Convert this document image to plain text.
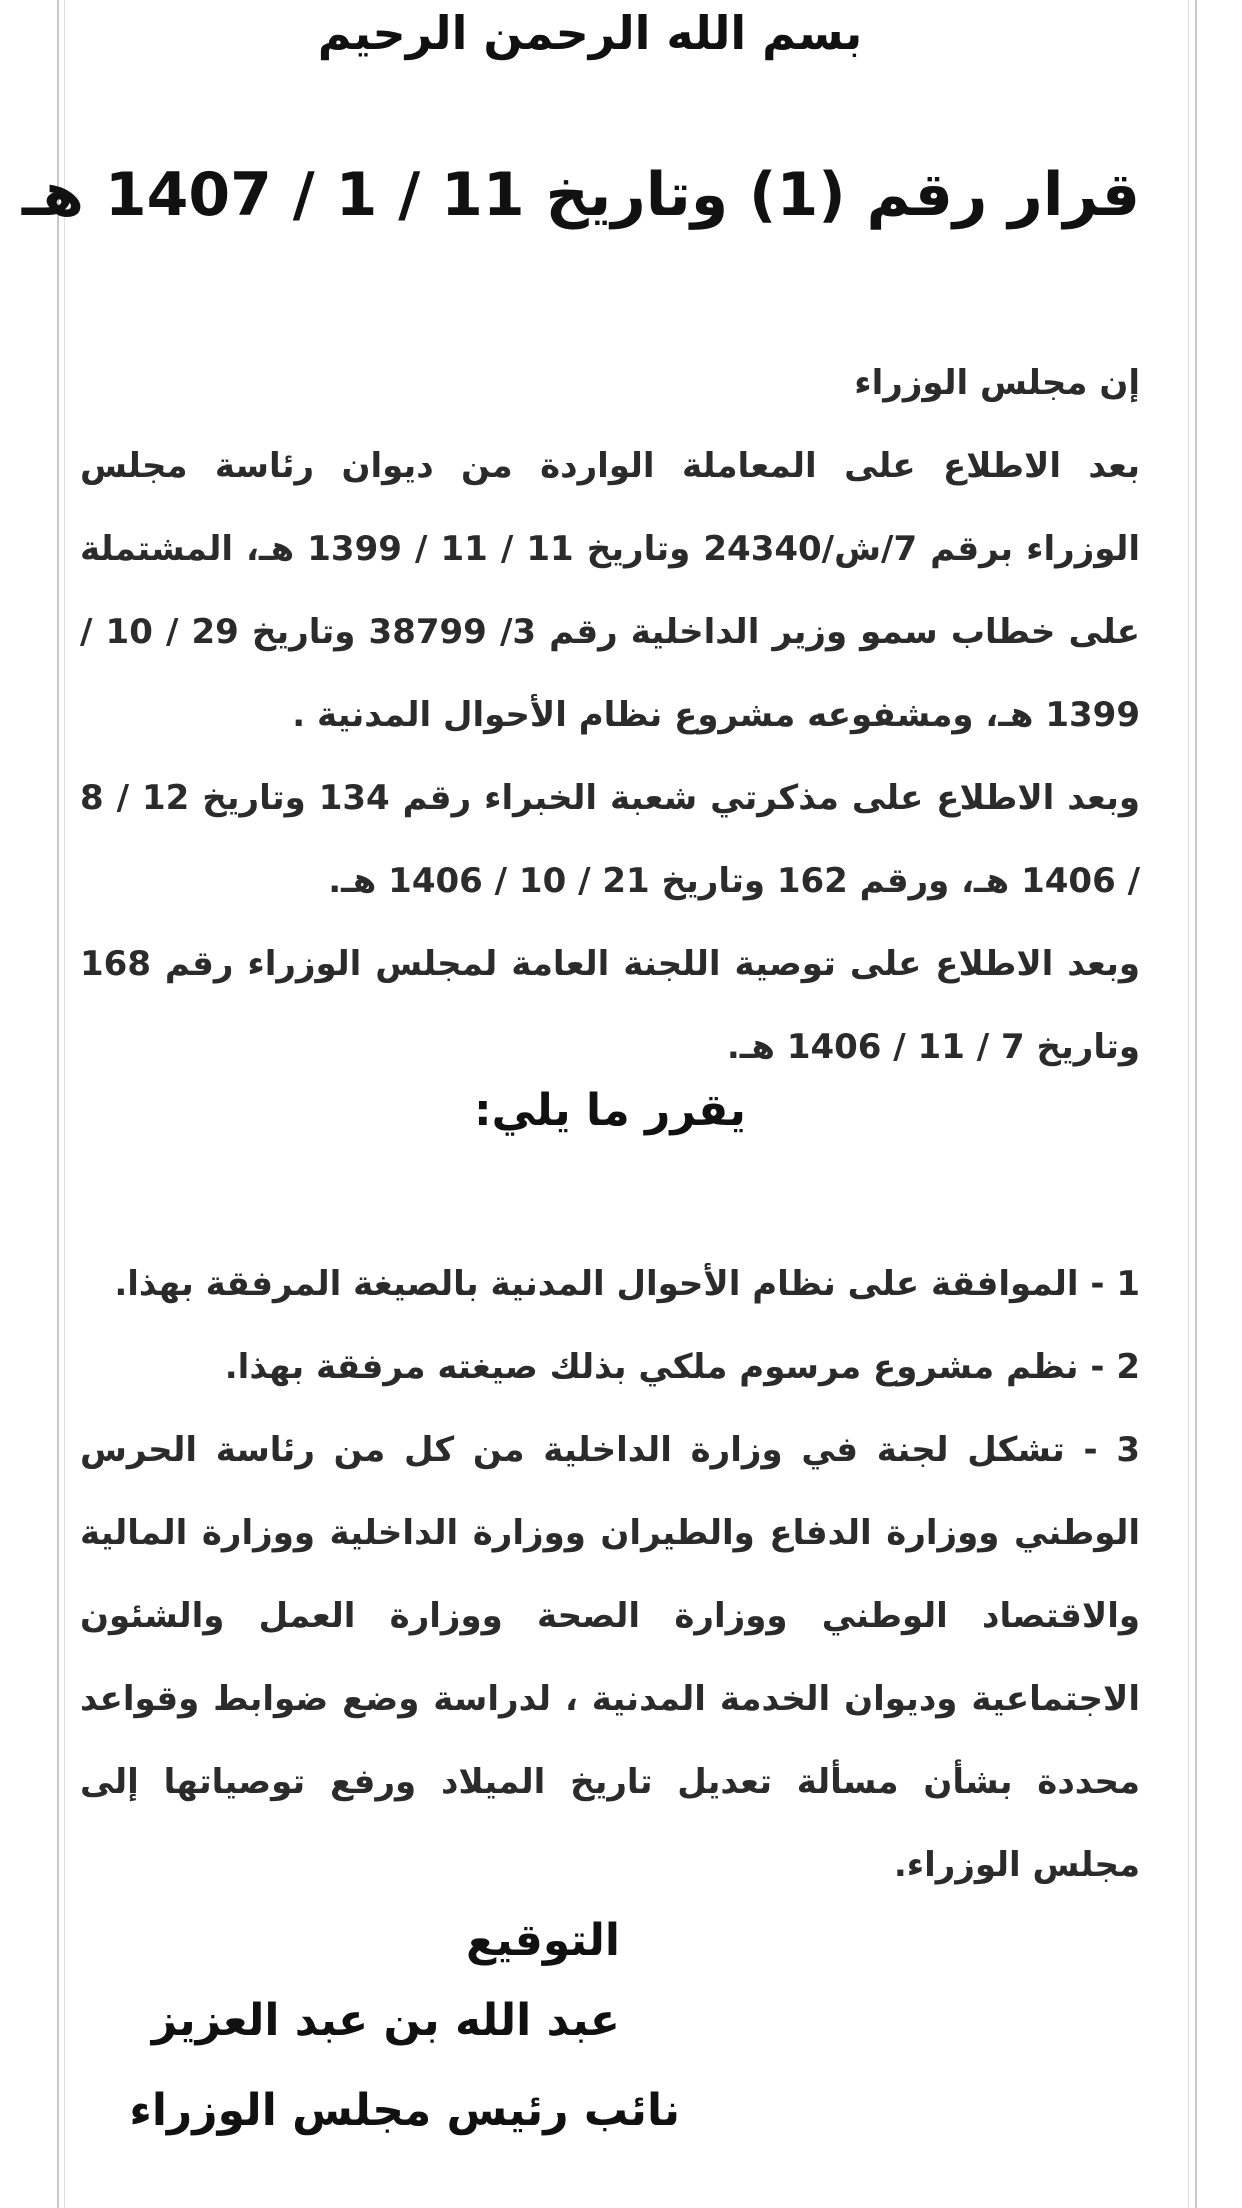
بسم الله الرحمن الرحيم
قرار رقم (1) وتاريخ 11 / 1 / 1407 هـ

إن مجلس الوزراء

بعد الاطلاع على المعاملة الواردة من ديوان رئاسة مجلس الوزراء برقم 7/ش/24340 وتاريخ 11 / 11 / 1399 هـ، المشتملة على خطاب سمو وزير الداخلية رقم 3/ 38799 وتاريخ 29 / 10 / 1399 هـ، ومشفوعه مشروع نظام الأحوال المدنية .

وبعد الاطلاع على مذكرتي شعبة الخبراء رقم 134 وتاريخ 12 / 8 / 1406 هـ، ورقم 162 وتاريخ 21 / 10 / 1406 هـ.

وبعد الاطلاع على توصية اللجنة العامة لمجلس الوزراء رقم 168 وتاريخ 7 / 11 / 1406 هـ.

يقرر ما يلي:

1 - الموافقة على نظام الأحوال المدنية بالصيغة المرفقة بهذا.

2 - نظم مشروع مرسوم ملكي بذلك صيغته مرفقة بهذا.

3 - تشكل لجنة في وزارة الداخلية من كل من رئاسة الحرس الوطني ووزارة الدفاع والطيران ووزارة الداخلية ووزارة المالية والاقتصاد الوطني ووزارة الصحة ووزارة العمل والشئون الاجتماعية وديوان الخدمة المدنية ، لدراسة وضع ضوابط وقواعد محددة بشأن مسألة تعديل تاريخ الميلاد ورفع توصياتها إلى مجلس الوزراء.

التوقيع
عبد الله بن عبد العزيز
نائب رئيس مجلس الوزراء
